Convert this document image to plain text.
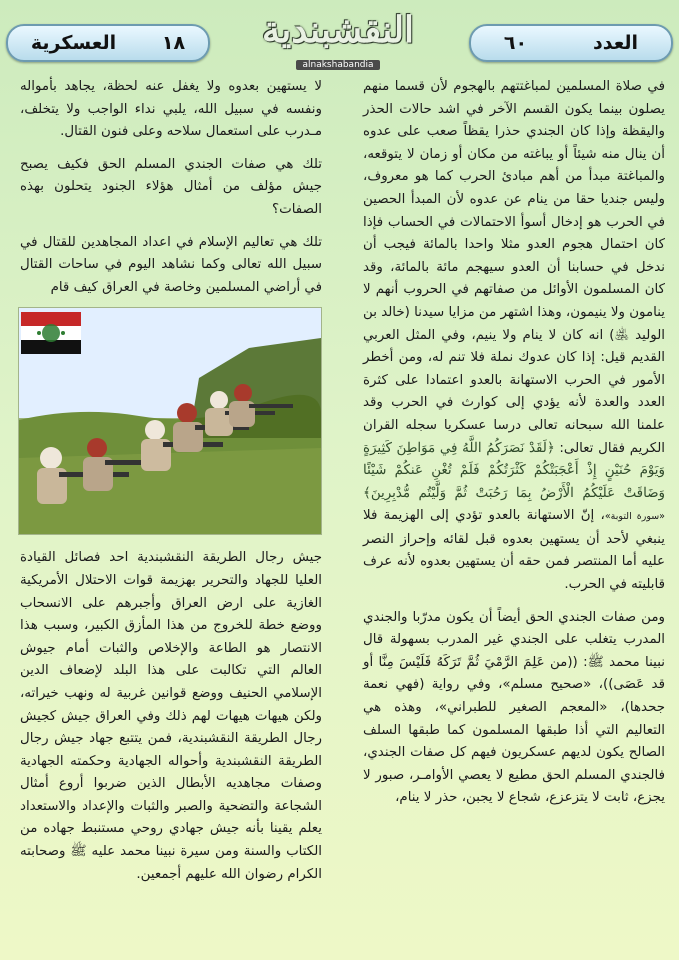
العدد
٦٠
النقشبندية
alnakshabandia
١٨
العسكرية

في صلاة المسلمين لمباغتتهم بالهجوم لأن قسما منهم يصلون بينما يكون القسم الآخر في اشد حالات الحذر واليقظة وإذا كان الجندي حذرا يقظاً صعب على عدوه أن ينال منه شيئاً أو يباغته من مكان أو زمان لا يتوقعه، والمباغتة مبدأ من أهم مبادئ الحرب كما هو معروف، وليس جنديا حقا من ينام عن عدوه لأن المبدأ الحصين في الحرب هو إدخال أسوأ الاحتمالات في الحساب فإذا كان احتمال هجوم العدو مثلا واحدا بالمائة فيجب أن ندخل في حسابنا أن العدو سيهجم مائة بالمائة، وقد كان المسلمون الأوائل من صفاتهم في الحروب أنهم لا ينامون ولا ينيمون، وهذا اشتهر من مزايا سيدنا (خالد بن الوليد ﵁) انه كان لا ينام ولا ينيم، وفي المثل العربي القديم قيل: إذا كان عدوك نملة فلا تنم له، ومن أخطر الأمور في الحرب الاستهانة بالعدو اعتمادا على كثرة العدد والعدة لأنه يؤدي إلى كوارث في الحرب وقد علمنا الله سبحانه تعالى درسا عسكريا سجله القران الكريم فقال تعالى: ﴿لَقَدْ نَصَرَكُمُ اللَّهُ فِي مَوَاطِنَ كَثِيرَةٍ وَيَوْمَ حُنَيْنٍ إِذْ أَعْجَبَتْكُمْ كَثْرَتُكُمْ فَلَمْ تُغْنِ عَنكُمْ شَيْئًا وَضَاقَتْ عَلَيْكُمُ الْأَرْضُ بِمَا رَحُبَتْ ثُمَّ وَلَّيْتُم مُّدْبِرِينَ﴾ «سورة التوبة»، إنّ الاستهانة بالعدو تؤدي إلى الهزيمة فلا ينبغي لأحد أن يستهين بعدوه قبل لقائه وإحراز النصر عليه أما المنتصر فمن حقه أن يستهين بعدوه لأنه عرف قابليته في الحرب.

ومن صفات الجندي الحق أيضاً أن يكون مدرّبا والجندي المدرب يتغلب على الجندي غير المدرب بسهولة قال نبينا محمد ﷺ: ((من عَلِمَ الرَّمْيَ ثُمَّ تَرَكَهُ فَلَيْسَ مِنَّا أو قد عَصَى))، «صحيح مسلم»، وفي رواية (فهي نعمة جحدها)، «المعجم الصغير للطبراني»، وهذه هي التعاليم التي أذا طبقها المسلمون كما طبقها السلف الصالح يكون لديهم عسكريون فيهم كل صفات الجندي، فالجندي المسلم الحق مطيع لا يعصي الأوامـر، صبور لا يجزع، ثابت لا يتزعزع، شجاع لا يجبن، حذر لا ينام،

لا يستهين بعدوه ولا يغفل عنه لحظة، يجاهد بأمواله ونفسه في سبيل الله، يلبي نداء الواجب ولا يتخلف، مـدرب على استعمال سلاحه وعلى فنون القتال.

تلك هي صفات الجندي المسلم الحق فكيف يصبح جيش مؤلف من أمثال هؤلاء الجنود يتحلون بهذه الصفات؟

تلك هي تعاليم الإسلام في اعداد المجاهدين للقتال في سبيل الله تعالى وكما نشاهد اليوم في ساحات القتال في أراضي المسلمين وخاصة في العراق كيف قام

جيش رجال الطريقة النقشبندية احد فصائل القيادة العليا للجهاد والتحرير بهزيمة قوات الاحتلال الأمريكية الغازية على ارض العراق وأجبرهم على الانسحاب ووضع خطة للخروج من هذا المأزق الكبير، وسبب هذا الانتصار هو الطاعة والإخلاص والثبات أمام جيوش العالم التي تكالبت على هذا البلد لإضعاف الدين الإسلامي الحنيف ووضع قوانين غربية له ونهب خيراته، ولكن هيهات هيهات لهم ذلك وفي العراق جيش كجيش رجال الطريقة النقشبندية، فمن يتتبع جهاد جيش رجال الطريقة النقشبندية وأحواله الجهادية وحكمته الجهادية وصفات مجاهديه الأبطال الذين ضربوا أروع أمثال الشجاعة والتضحية والصبر والثبات والإعداد والاستعداد يعلم يقينا بأنه جيش جهادي روحي مستنبط جهاده من الكتاب والسنة ومن سيرة نبينا محمد عليه ﷺ وصحابته الكرام رضوان الله عليهم أجمعين.
